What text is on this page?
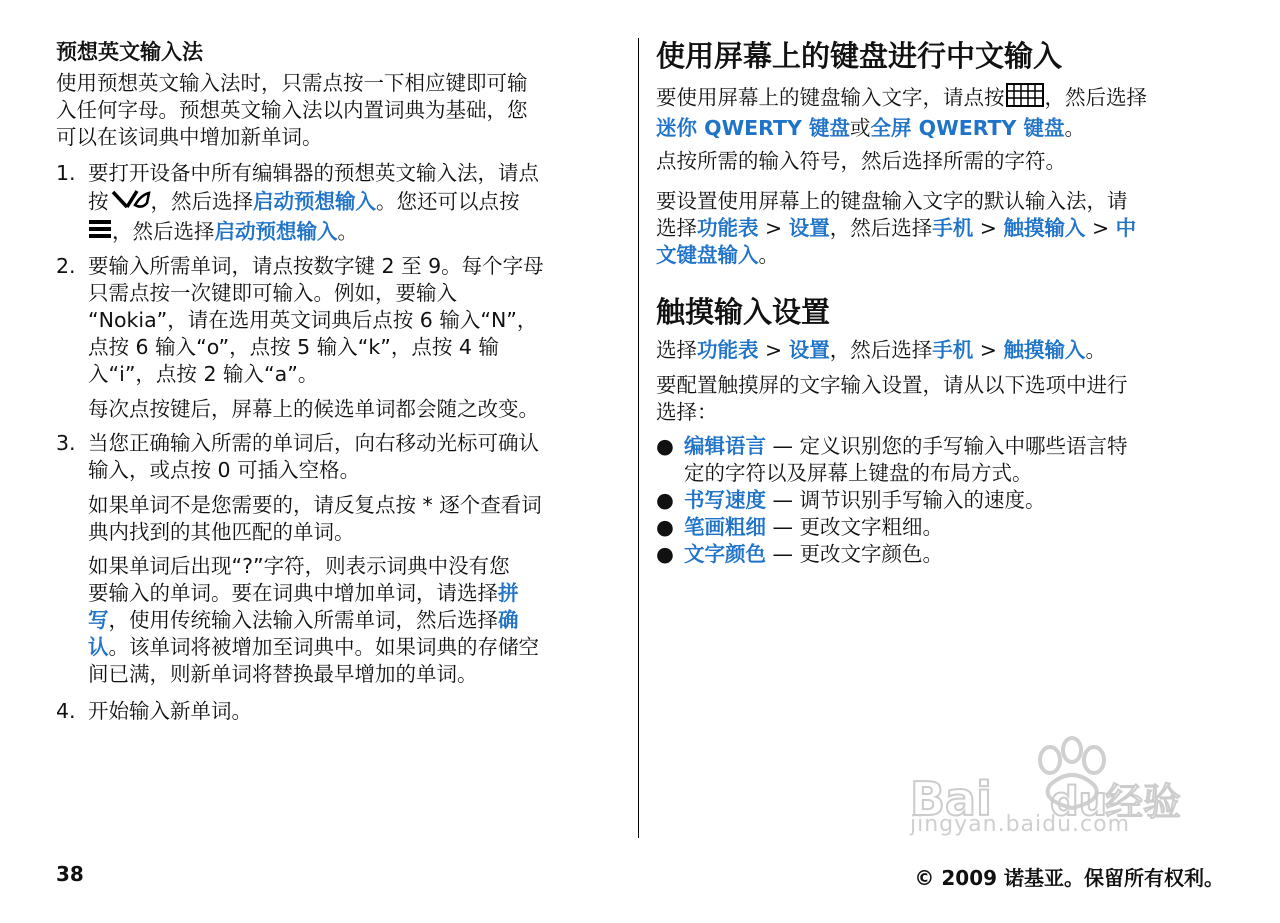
预想英文输入法
使用预想英文输入法时，只需点按一下相应键即可输
入任何字母。预想英文输入法以内置词典为基础，您
可以在该词典中增加新单词。
1. 要打开设备中所有编辑器的预想英文输入法，请点
按 ，然后选择启动预想输入。您还可以点按
，然后选择启动预想输入。
2. 要输入所需单词，请点按数字键 2 至 9。每个字母
只需点按一次键即可输入。例如，要输入
“Nokia”，请在选用英文词典后点按 6 输入“N”，
点按 6 输入“o”，点按 5 输入“k”，点按 4 输
入“i”，点按 2 输入“a”。
每次点按键后，屏幕上的候选单词都会随之改变。
3. 当您正确输入所需的单词后，向右移动光标可确认
输入，或点按 0 可插入空格。
如果单词不是您需要的，请反复点按 * 逐个查看词
典内找到的其他匹配的单词。
如果单词后出现“?”字符，则表示词典中没有您
要输入的单词。要在词典中增加单词，请选择拼
写，使用传统输入法输入所需单词，然后选择确
认。该单词将被增加至词典中。如果词典的存储空
间已满，则新单词将替换最早增加的单词。
4. 开始输入新单词。
使用屏幕上的键盘进行中文输入
要使用屏幕上的键盘输入文字，请点按 ，然后选择
迷你 QWERTY 键盘或全屏 QWERTY 键盘。
点按所需的输入符号，然后选择所需的字符。
要设置使用屏幕上的键盘输入文字的默认输入法，请
选择功能表 > 设置，然后选择手机 > 触摸输入 > 中
文键盘输入。
触摸输入设置
选择功能表 > 设置，然后选择手机 > 触摸输入。
要配置触摸屏的文字输入设置，请从以下选项中进行
选择：
● 编辑语言 — 定义识别您的手写输入中哪些语言特
定的字符以及屏幕上键盘的布局方式。
● 书写速度 — 调节识别手写输入的速度。
● 笔画粗细 — 更改文字粗细。
● 文字颜色 — 更改文字颜色。
Bai du
经验
jingyan.baidu.com
38	© 2009 诺基亚。保留所有权利。
